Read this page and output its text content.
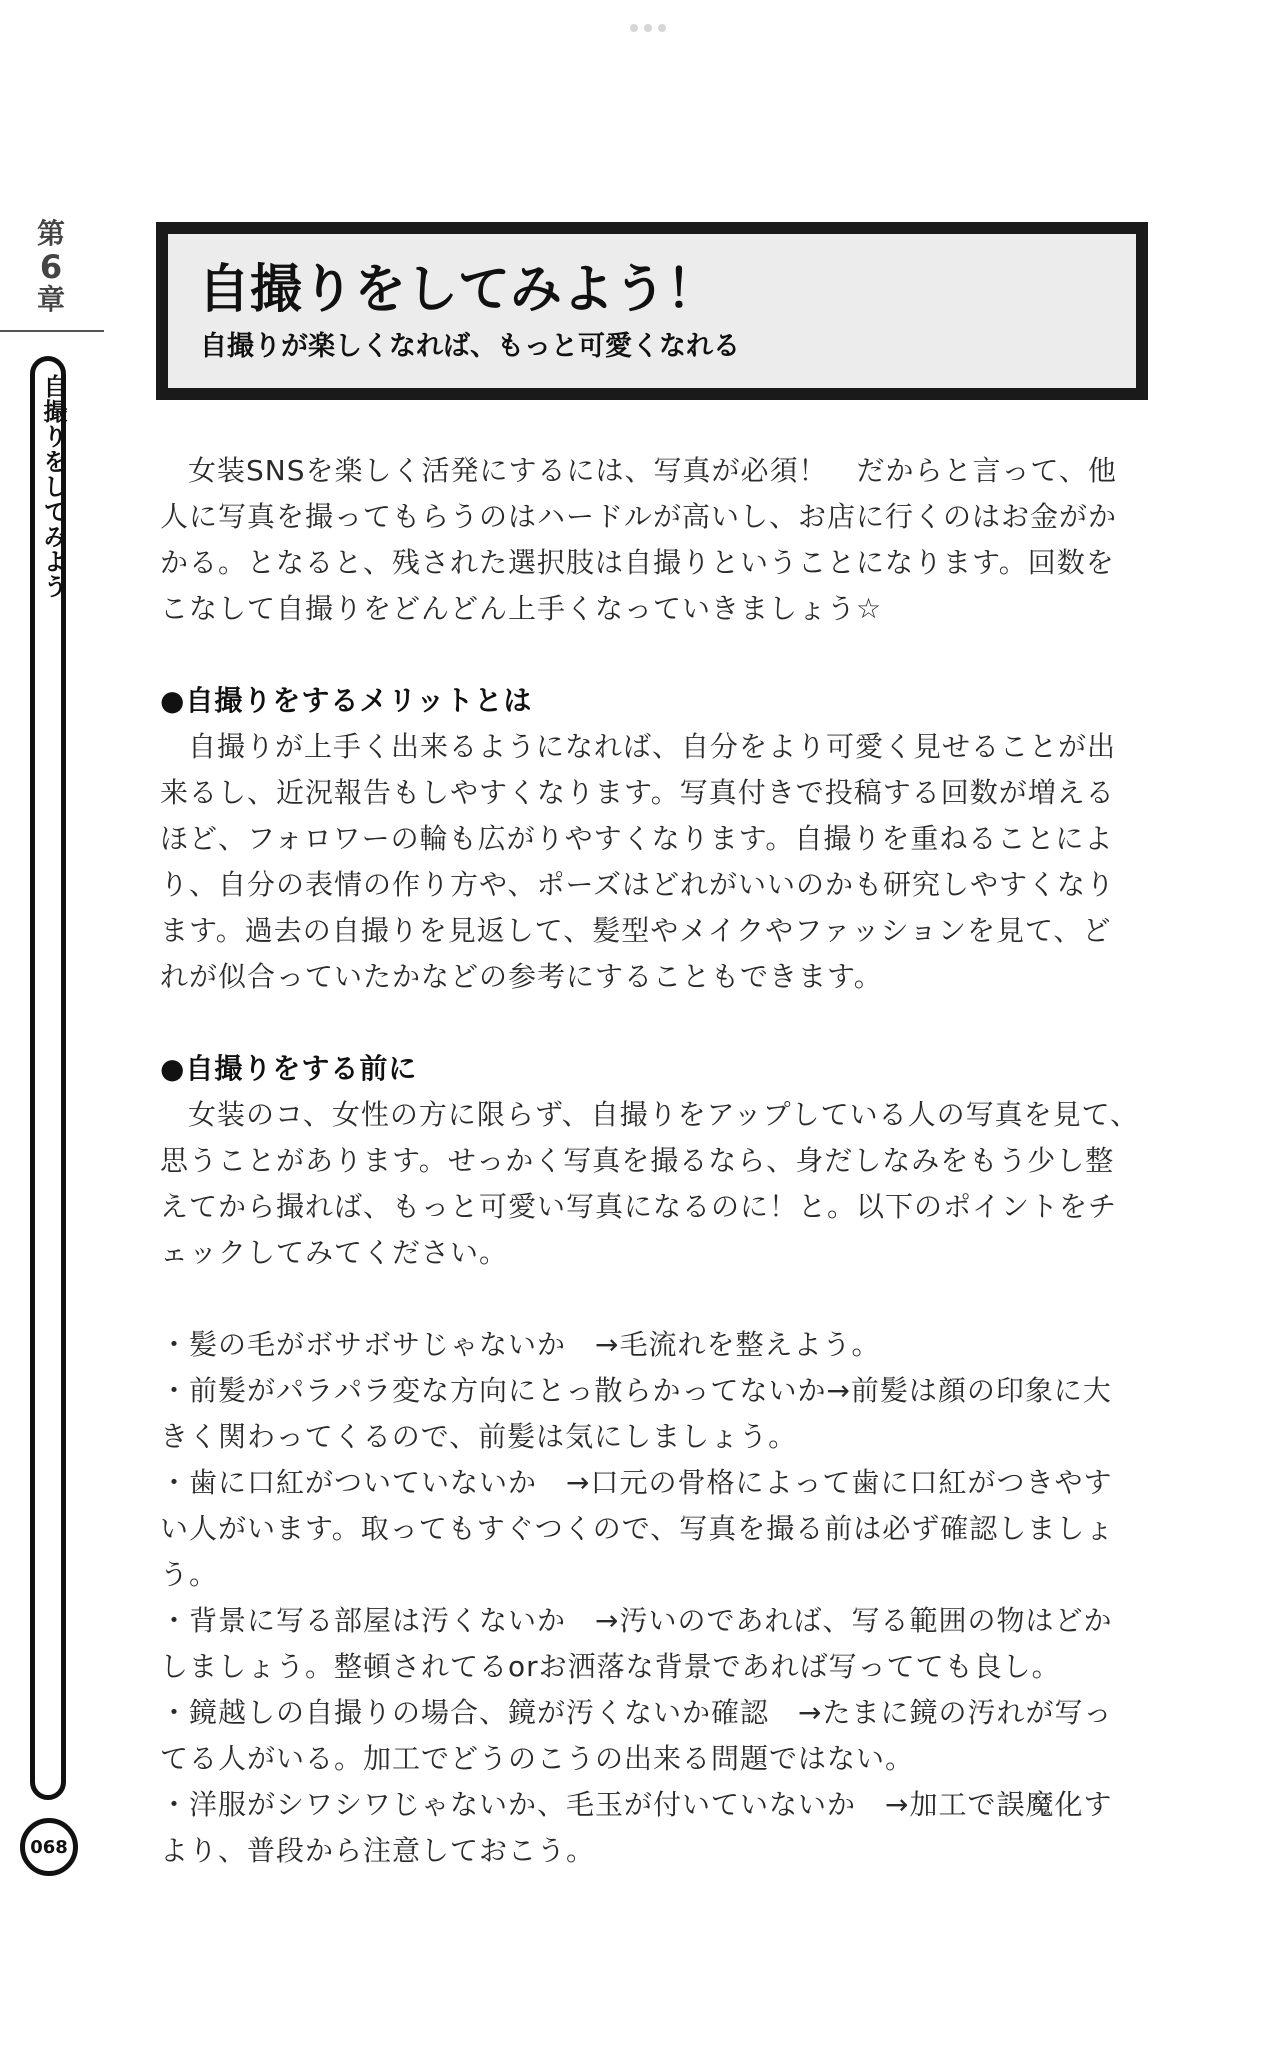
第
6
章
自撮りをしてみよう
068
自撮りをしてみよう！
自撮りが楽しくなれば、もっと可愛くなれる

女装SNSを楽しく活発にするには、写真が必須！　だからと言って、他人に写真を撮ってもらうのはハードルが高いし、お店に行くのはお金がかかる。となると、残された選択肢は自撮りということになります。回数をこなして自撮りをどんどん上手くなっていきましょう☆

●自撮りをするメリットとは

自撮りが上手く出来るようになれば、自分をより可愛く見せることが出来るし、近況報告もしやすくなります。写真付きで投稿する回数が増えるほど、フォロワーの輪も広がりやすくなります。自撮りを重ねることにより、自分の表情の作り方や、ポーズはどれがいいのかも研究しやすくなります。過去の自撮りを見返して、髪型やメイクやファッションを見て、どれが似合っていたかなどの参考にすることもできます。

●自撮りをする前に

女装のコ、女性の方に限らず、自撮りをアップしている人の写真を見て、思うことがあります。せっかく写真を撮るなら、身だしなみをもう少し整えてから撮れば、もっと可愛い写真になるのに！と。以下のポイントをチェックしてみてください。

・髪の毛がボサボサじゃないか　→毛流れを整えよう。

・前髪がパラパラ変な方向にとっ散らかってないか→前髪は顔の印象に大きく関わってくるので、前髪は気にしましょう。

・歯に口紅がついていないか　→口元の骨格によって歯に口紅がつきやすい人がいます。取ってもすぐつくので、写真を撮る前は必ず確認しましょう。

・背景に写る部屋は汚くないか　→汚いのであれば、写る範囲の物はどかしましょう。整頓されてるorお洒落な背景であれば写ってても良し。

・鏡越しの自撮りの場合、鏡が汚くないか確認　→たまに鏡の汚れが写ってる人がいる。加工でどうのこうの出来る問題ではない。

・洋服がシワシワじゃないか、毛玉が付いていないか　→加工で誤魔化すより、普段から注意しておこう。
